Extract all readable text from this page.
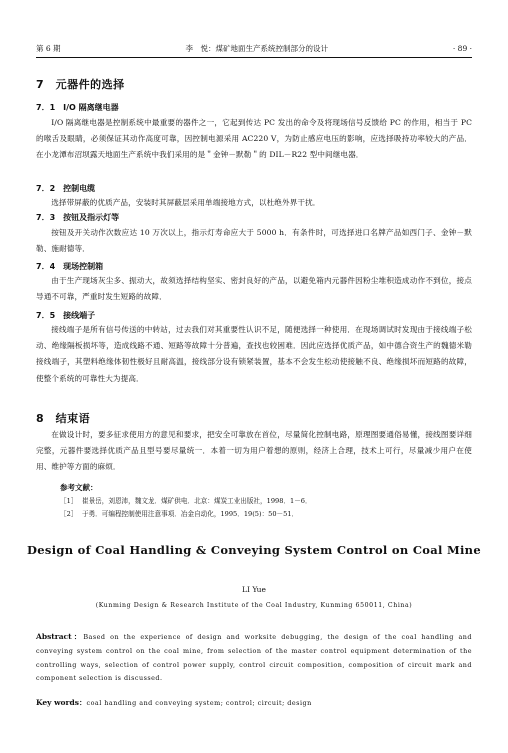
第 6 期	李　悦：煤矿地面生产系统控制部分的设计	· 89 ·
7　元器件的选择
7．1　I/O 隔离继电器
I/O 隔离继电器是控制系统中最重要的器件之一，它起到传达 PC 发出的命令及将现场信号反馈给 PC 的作用，相当于 PC 的喉舌及眼睛，必须保证其动作高度可靠，因控制电源采用 AC220 V，为防止感应电压的影响，应选择吸持功率较大的产品．在小龙潭布沼坝露天地面生产系统中我们采用的是＂金钟－默勒＂的 DIL－R22 型中间继电器．
7．2　控制电缆
选择带屏蔽的优质产品，安装时其屏蔽层采用单端接地方式，以杜绝外界干扰．
7．3　按钮及指示灯等
按钮及开关动作次数应达 10 万次以上，指示灯寿命应大于 5000 h．有条件时，可选择进口名牌产品如西门子、金钟－默勒、施耐德等．
7．4　现场控制箱
由于生产现场灰尘多、振动大，故须选择结构坚实、密封良好的产品，以避免箱内元器件因粉尘堆积造成动作不到位，接点导通不可靠，严重时发生短路的故障．
7．5　接线端子
接线端子是所有信号传送的中转站，过去我们对其重要性认识不足，随便选择一种使用．在现场调试时发现由于接线端子松动、绝缘隔板损坏等，造成线路不通、短路等故障十分普遍，查找也较困难．因此应选择优质产品，如中德合资生产的魏德米勒接线端子，其塑料绝缘体韧性极好且耐高温，接线部分设有锁紧装置，基本不会发生松动使接触不良、绝缘损坏而短路的故障，使整个系统的可靠性大为提高．
8　结束语
在做设计时，要多征求使用方的意见和要求，把安全可靠放在首位，尽量简化控制电路，原理图要通俗易懂，接线图要详细完整，元器件要选择优质产品且型号要尽量统一．本着一切为用户着想的原则，经济上合理，技术上可行，尽量减少用户在使用、维护等方面的麻烦．
参考文献：
［1］ 崔景岳，刘恩沛，魏文龙．煤矿供电．北京：煤炭工业出版社，1998．1－6．
［2］ 于勇．可编程控制使用注意事项．冶金自动化，1995．19(5)：50－51．
Design of Coal Handling & Conveying System Control on Coal Mine
LI Yue
(Kunming Design & Research Institute of the Coal Industry, Kunming 650011, China)
Abstract：Based on the experience of design and worksite debugging, the design of the coal handling and conveying system control on the coal mine, from selection of the master control equipment determination of the controlling ways, selection of control power supply, control circuit composition, composition of circuit mark and component selection is discussed.
Key words：coal handling and conveying system; control; circuit; design
